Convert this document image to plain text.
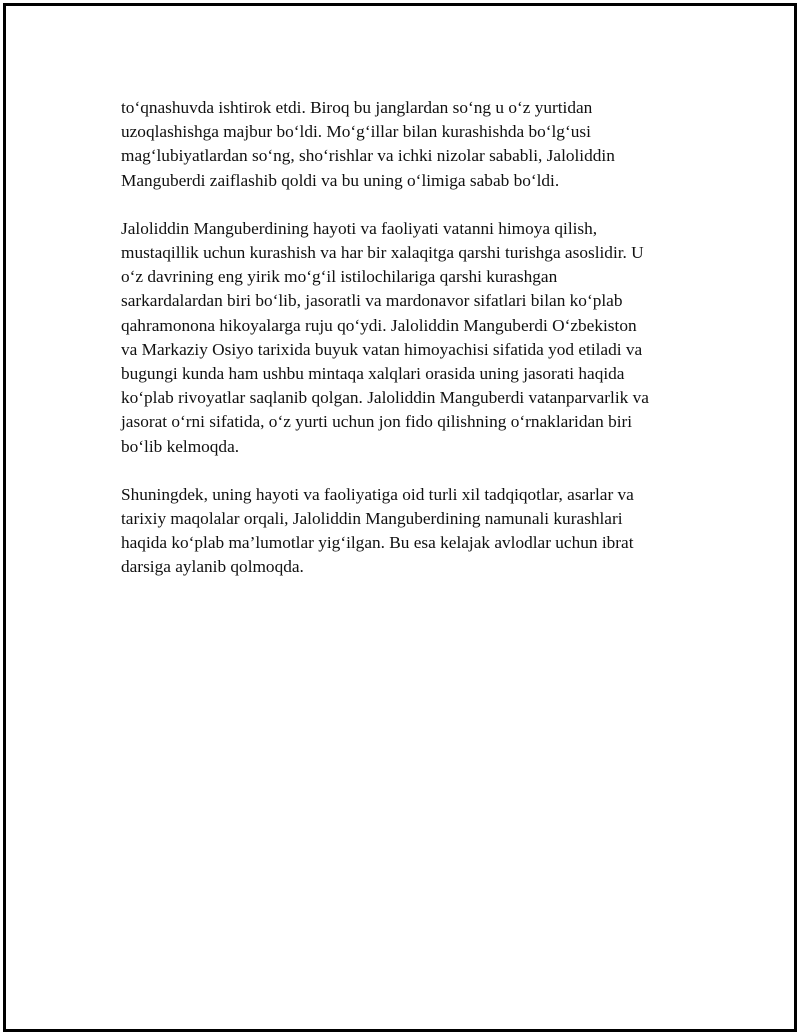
to‘qnashuvda ishtirok etdi. Biroq bu janglardan so‘ng u o‘z yurtidan
uzoqlashishga majbur bo‘ldi. Mo‘g‘illar bilan kurashishda bo‘lg‘usi
mag‘lubiyatlardan so‘ng, sho‘rishlar va ichki nizolar sababli, Jaloliddin
Manguberdi zaiflashib qoldi va bu uning o‘limiga sabab bo‘ldi.

Jaloliddin Manguberdining hayoti va faoliyati vatanni himoya qilish,
mustaqillik uchun kurashish va har bir xalaqitga qarshi turishga asoslidir. U
o‘z davrining eng yirik mo‘g‘il istilochilariga qarshi kurashgan
sarkardalardan biri bo‘lib, jasoratli va mardonavor sifatlari bilan ko‘plab
qahramonona hikoyalarga ruju qo‘ydi. Jaloliddin Manguberdi O‘zbekiston
va Markaziy Osiyo tarixida buyuk vatan himoyachisi sifatida yod etiladi va
bugungi kunda ham ushbu mintaqa xalqlari orasida uning jasorati haqida
ko‘plab rivoyatlar saqlanib qolgan. Jaloliddin Manguberdi vatanparvarlik va
jasorat o‘rni sifatida, o‘z yurti uchun jon fido qilishning o‘rnaklaridan biri
bo‘lib kelmoqda.

Shuningdek, uning hayoti va faoliyatiga oid turli xil tadqiqotlar, asarlar va
tarixiy maqolalar orqali, Jaloliddin Manguberdining namunali kurashlari
haqida ko‘plab ma’lumotlar yig‘ilgan. Bu esa kelajak avlodlar uchun ibrat
darsiga aylanib qolmoqda.
